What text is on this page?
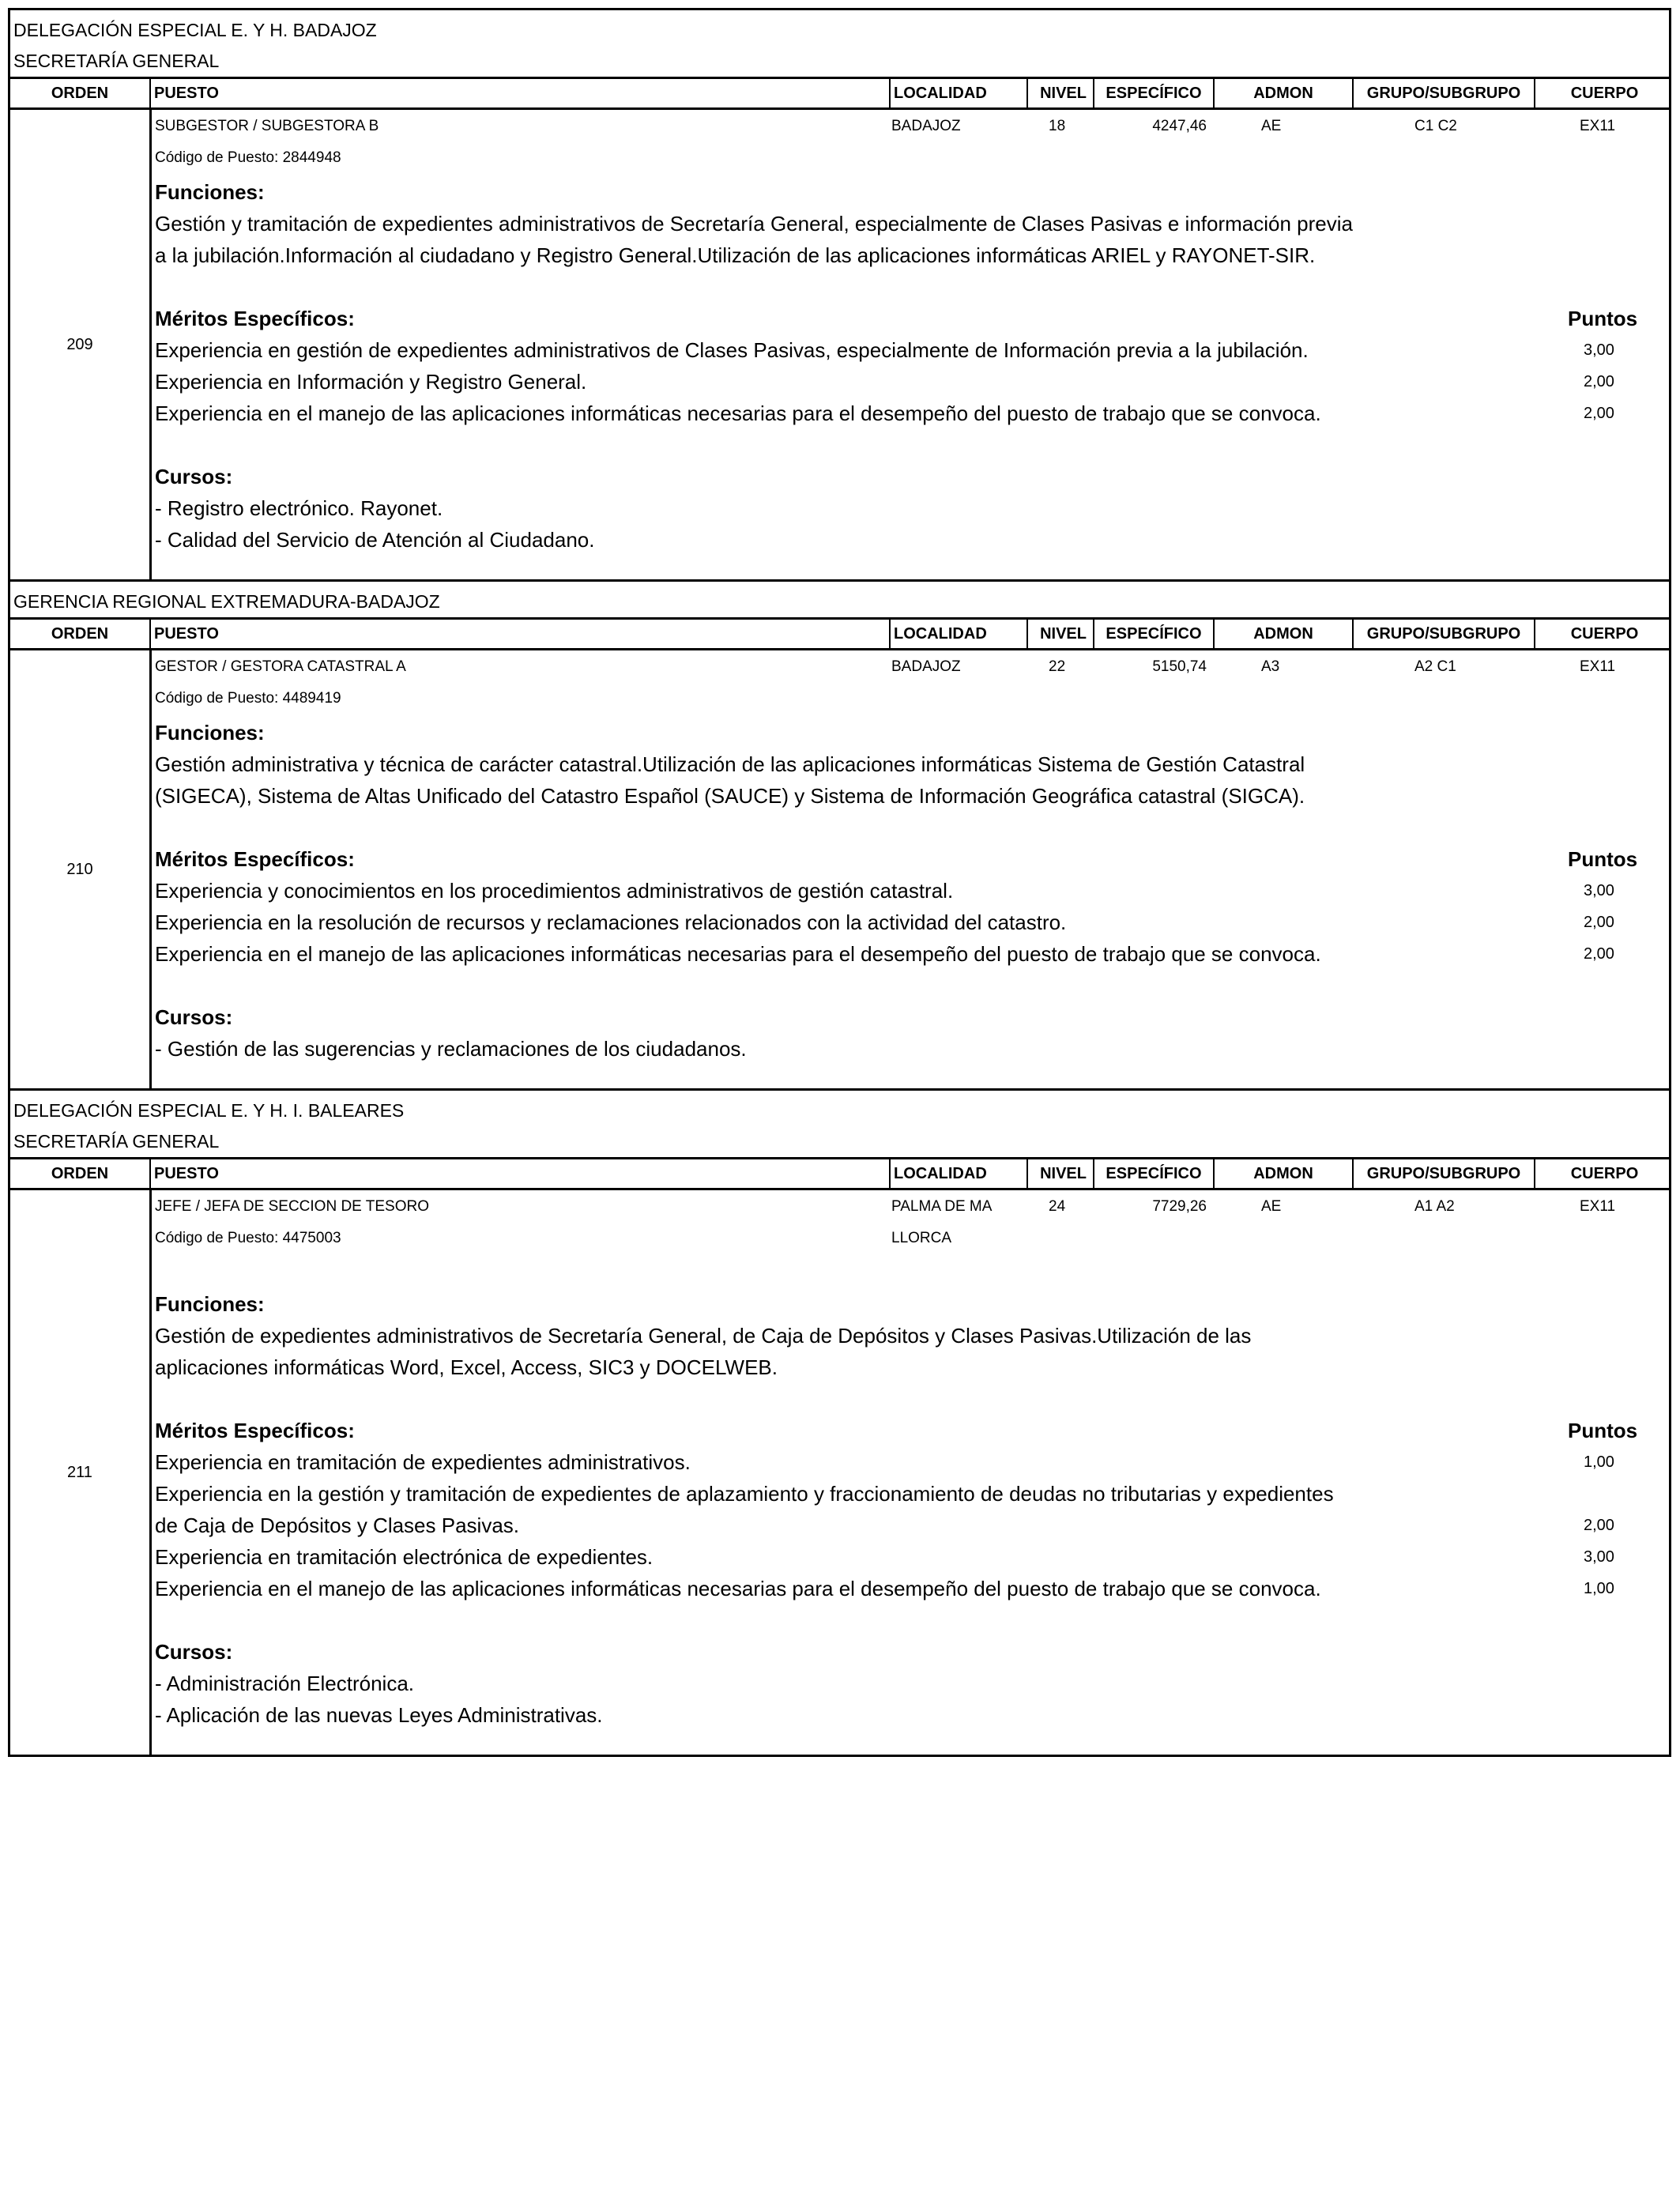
DELEGACIÓN ESPECIAL E. Y H. BADAJOZ
SECRETARÍA GENERAL
ORDEN	PUESTO	LOCALIDAD	NIVEL	ESPECÍFICO	ADMON	GRUPO/SUBGRUPO	CUERPO
209
SUBGESTOR / SUBGESTORA B	BADAJOZ	18	4247,46	AE	C1 C2	EX11
Código de Puesto: 2844948
Funciones:
Gestión y tramitación de expedientes administrativos de Secretaría General, especialmente de Clases Pasivas e información previa
a la jubilación.Información al ciudadano y Registro General.Utilización de las aplicaciones informáticas ARIEL y RAYONET-SIR.
Méritos Específicos:	Puntos
Experiencia en gestión de expedientes administrativos de Clases Pasivas, especialmente de Información previa a la jubilación.	3,00
Experiencia en Información y Registro General.	2,00
Experiencia en el manejo de las aplicaciones informáticas necesarias para el desempeño del puesto de trabajo que se convoca.	2,00
Cursos:
- Registro electrónico. Rayonet.
- Calidad del Servicio de Atención al Ciudadano.
GERENCIA REGIONAL EXTREMADURA-BADAJOZ
ORDEN	PUESTO	LOCALIDAD	NIVEL	ESPECÍFICO	ADMON	GRUPO/SUBGRUPO	CUERPO
210
GESTOR / GESTORA CATASTRAL A	BADAJOZ	22	5150,74	A3	A2 C1	EX11
Código de Puesto: 4489419
Funciones:
Gestión administrativa y técnica de carácter catastral.Utilización de las aplicaciones informáticas Sistema de Gestión Catastral
(SIGECA), Sistema de Altas Unificado del Catastro Español (SAUCE) y Sistema de Información Geográfica catastral (SIGCA).
Méritos Específicos:	Puntos
Experiencia y conocimientos en los procedimientos administrativos de gestión catastral.	3,00
Experiencia en la resolución de recursos y reclamaciones relacionados con la actividad del catastro.	2,00
Experiencia en el manejo de las aplicaciones informáticas necesarias para el desempeño del puesto de trabajo que se convoca.	2,00
Cursos:
- Gestión de las sugerencias y reclamaciones de los ciudadanos.
DELEGACIÓN ESPECIAL E. Y H. I. BALEARES
SECRETARÍA GENERAL
ORDEN	PUESTO	LOCALIDAD	NIVEL	ESPECÍFICO	ADMON	GRUPO/SUBGRUPO	CUERPO
211
JEFE / JEFA DE SECCION DE TESORO	PALMA DE MA	24	7729,26	AE	A1 A2	EX11
Código de Puesto: 4475003	LLORCA
Funciones:
Gestión de expedientes administrativos de Secretaría General, de Caja de Depósitos y Clases Pasivas.Utilización de las
aplicaciones informáticas Word, Excel, Access, SIC3 y DOCELWEB.
Méritos Específicos:	Puntos
Experiencia en tramitación de expedientes administrativos.	1,00
Experiencia en la gestión y tramitación de expedientes de aplazamiento y fraccionamiento de deudas no tributarias y expedientes
de Caja de Depósitos y Clases Pasivas.	2,00
Experiencia en tramitación electrónica de expedientes.	3,00
Experiencia en el manejo de las aplicaciones informáticas necesarias para el desempeño del puesto de trabajo que se convoca.	1,00
Cursos:
- Administración Electrónica.
- Aplicación de las nuevas Leyes Administrativas.
